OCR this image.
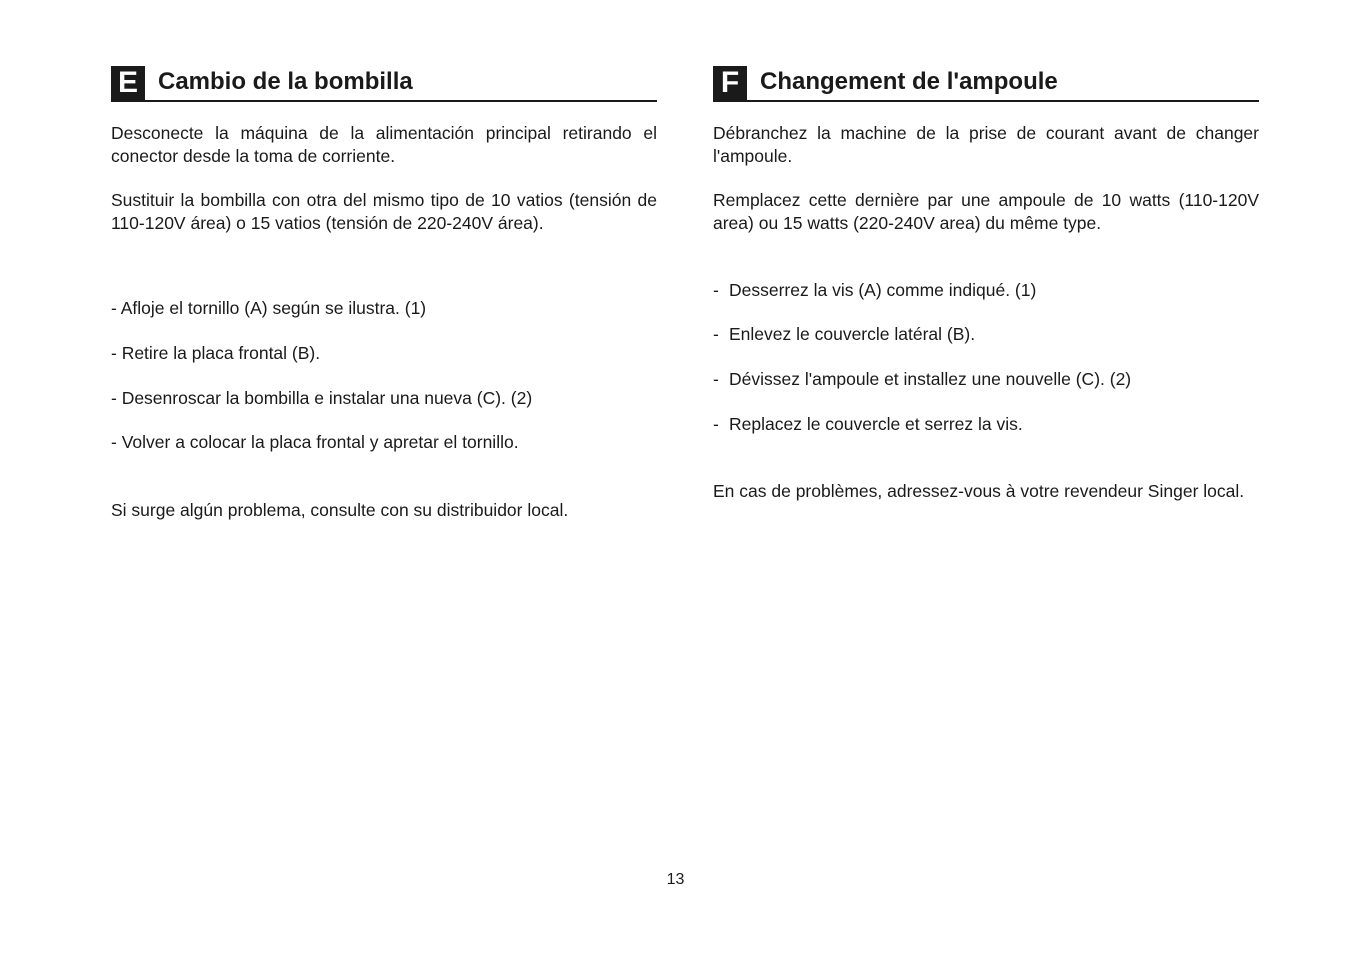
E Cambio de la bombilla

Desconecte la máquina de la alimentación principal retirando el conector desde la toma de corriente.

Sustituir la bombilla con otra del mismo tipo de 10 vatios (tensión de 110-120V área) o 15 vatios (tensión de 220-240V área).

- Afloje el tornillo (A) según se ilustra. (1)

- Retire la placa frontal (B).

- Desenroscar la bombilla e instalar una nueva (C). (2)

- Volver a colocar la placa frontal y apretar el tornillo.

Si surge algún problema, consulte con su distribuidor local.

F Changement de l'ampoule

Débranchez la machine de la prise de courant avant de changer l'ampoule.

Remplacez cette dernière par une ampoule de 10 watts (110-120V area) ou 15 watts (220-240V area) du même type.

- Desserrez la vis (A) comme indiqué. (1)

- Enlevez le couvercle latéral (B).

- Dévissez l'ampoule et installez une nouvelle (C). (2)

- Replacez le couvercle et serrez la vis.

En cas de problèmes, adressez-vous à votre revendeur Singer local.

13
